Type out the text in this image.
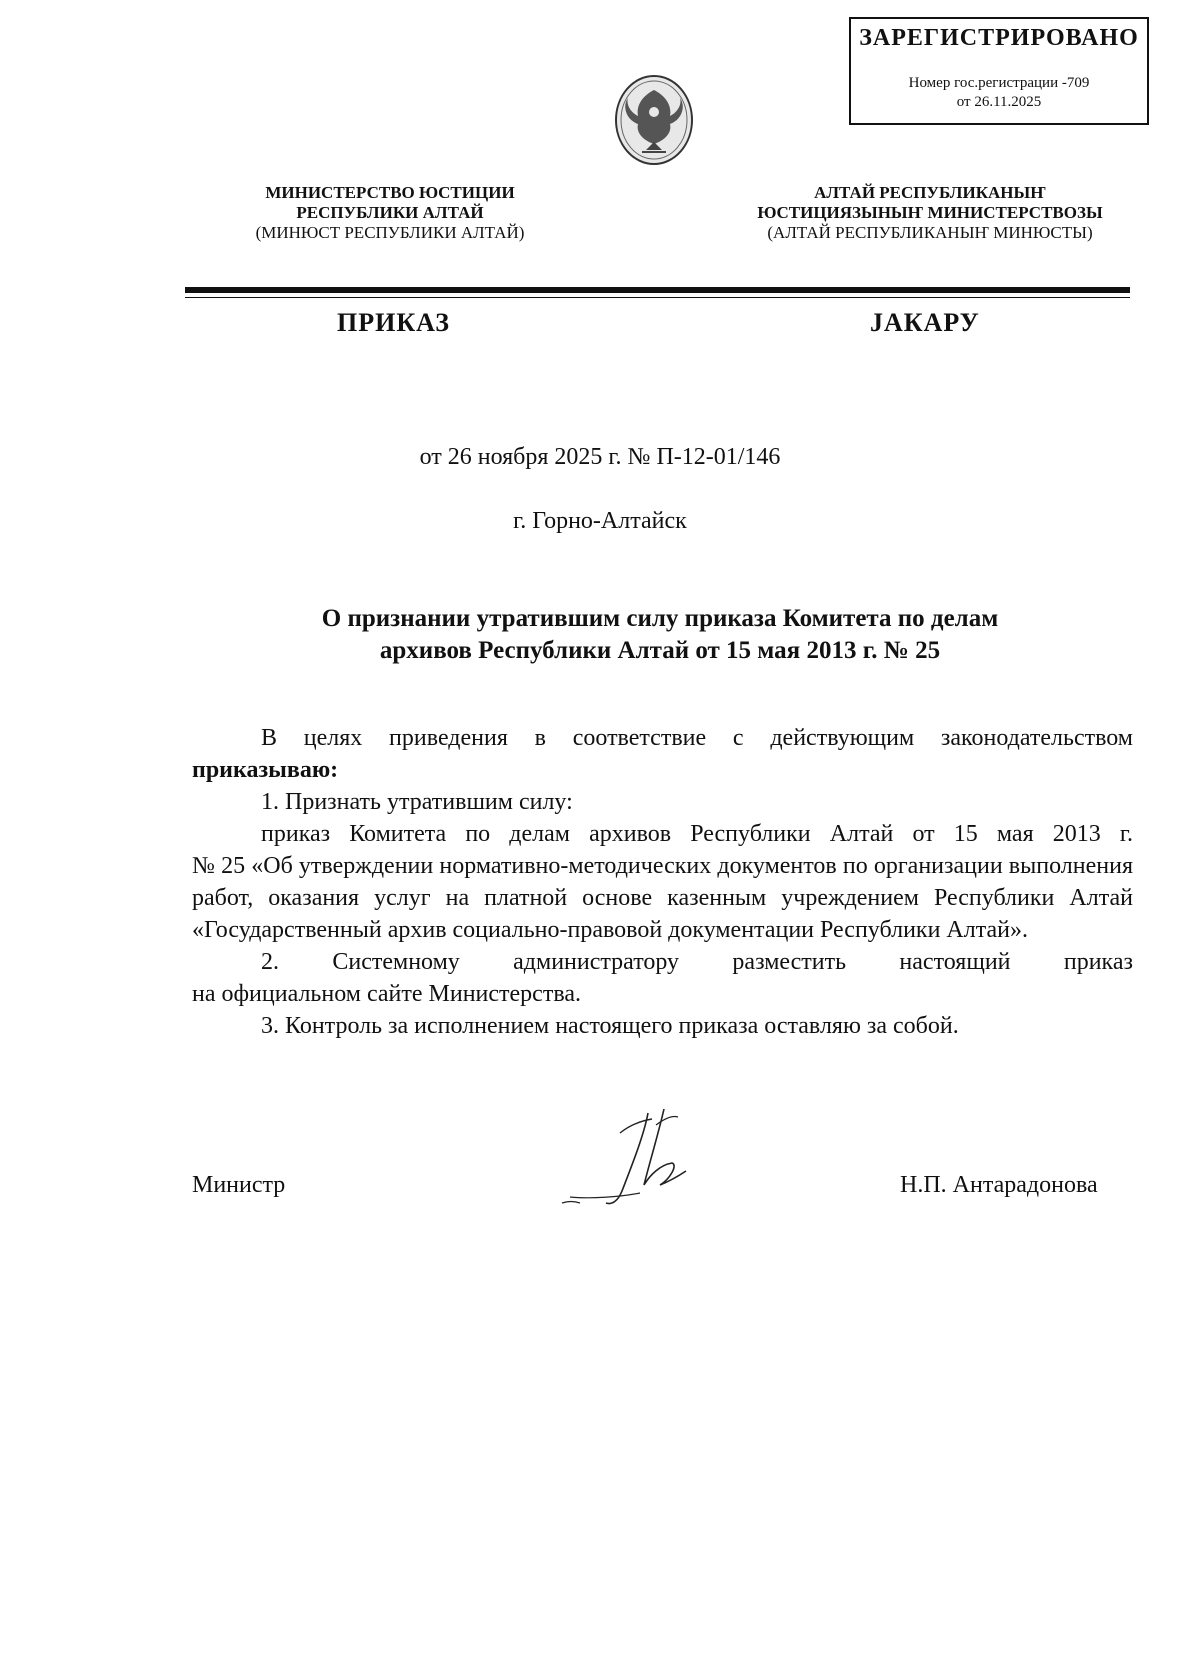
ЗАРЕГИСТРИРОВАНО
Номер гос.регистрации -709
от 26.11.2025
МИНИСТЕРСТВО ЮСТИЦИИ
РЕСПУБЛИКИ АЛТАЙ
(МИНЮСТ РЕСПУБЛИКИ АЛТАЙ)
АЛТАЙ РЕСПУБЛИКАНЫҤ
ЮСТИЦИЯЗЫНЫҤ МИНИСТЕРСТВОЗЫ
(АЛТАЙ РЕСПУБЛИКАНЫҤ МИНЮСТЫ)
ПРИКАЗ	ЈАКАРУ
от 26 ноября 2025 г. № П-12-01/146
г. Горно-Алтайск
О признании утратившим силу приказа Комитета по делам
архивов Республики Алтай от 15 мая 2013 г. № 25

В целях приведения в соответствие с действующим законодательством

приказываю:

1. Признать утратившим силу:

приказ Комитета по делам архивов Республики Алтай от 15 мая 2013 г.

№ 25 «Об утверждении нормативно-методических документов по организации выполнения работ, оказания услуг на платной основе казенным учреждением Республики Алтай «Государственный архив социально-правовой документации Республики Алтай».

2. Системному администратору разместить настоящий приказ

на официальном сайте Министерства.

3. Контроль за исполнением настоящего приказа оставляю за собой.

Министр	Н.П. Антарадонова
